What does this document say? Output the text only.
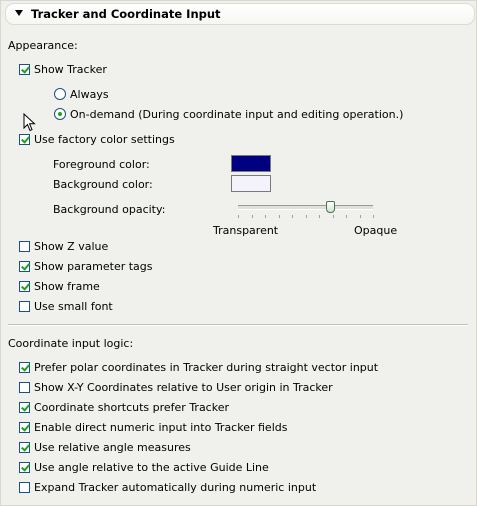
Tracker and Coordinate Input
Appearance:
Show Tracker
Always
On-demand (During coordinate input and editing operation.)
Use factory color settings
Foreground color:
Background color:
Background opacity:
Transparent	Opaque
Show Z value
Show parameter tags
Show frame
Use small font
Coordinate input logic:
Prefer polar coordinates in Tracker during straight vector input
Show X-Y Coordinates relative to User origin in Tracker
Coordinate shortcuts prefer Tracker
Enable direct numeric input into Tracker fields
Use relative angle measures
Use angle relative to the active Guide Line
Expand Tracker automatically during numeric input
